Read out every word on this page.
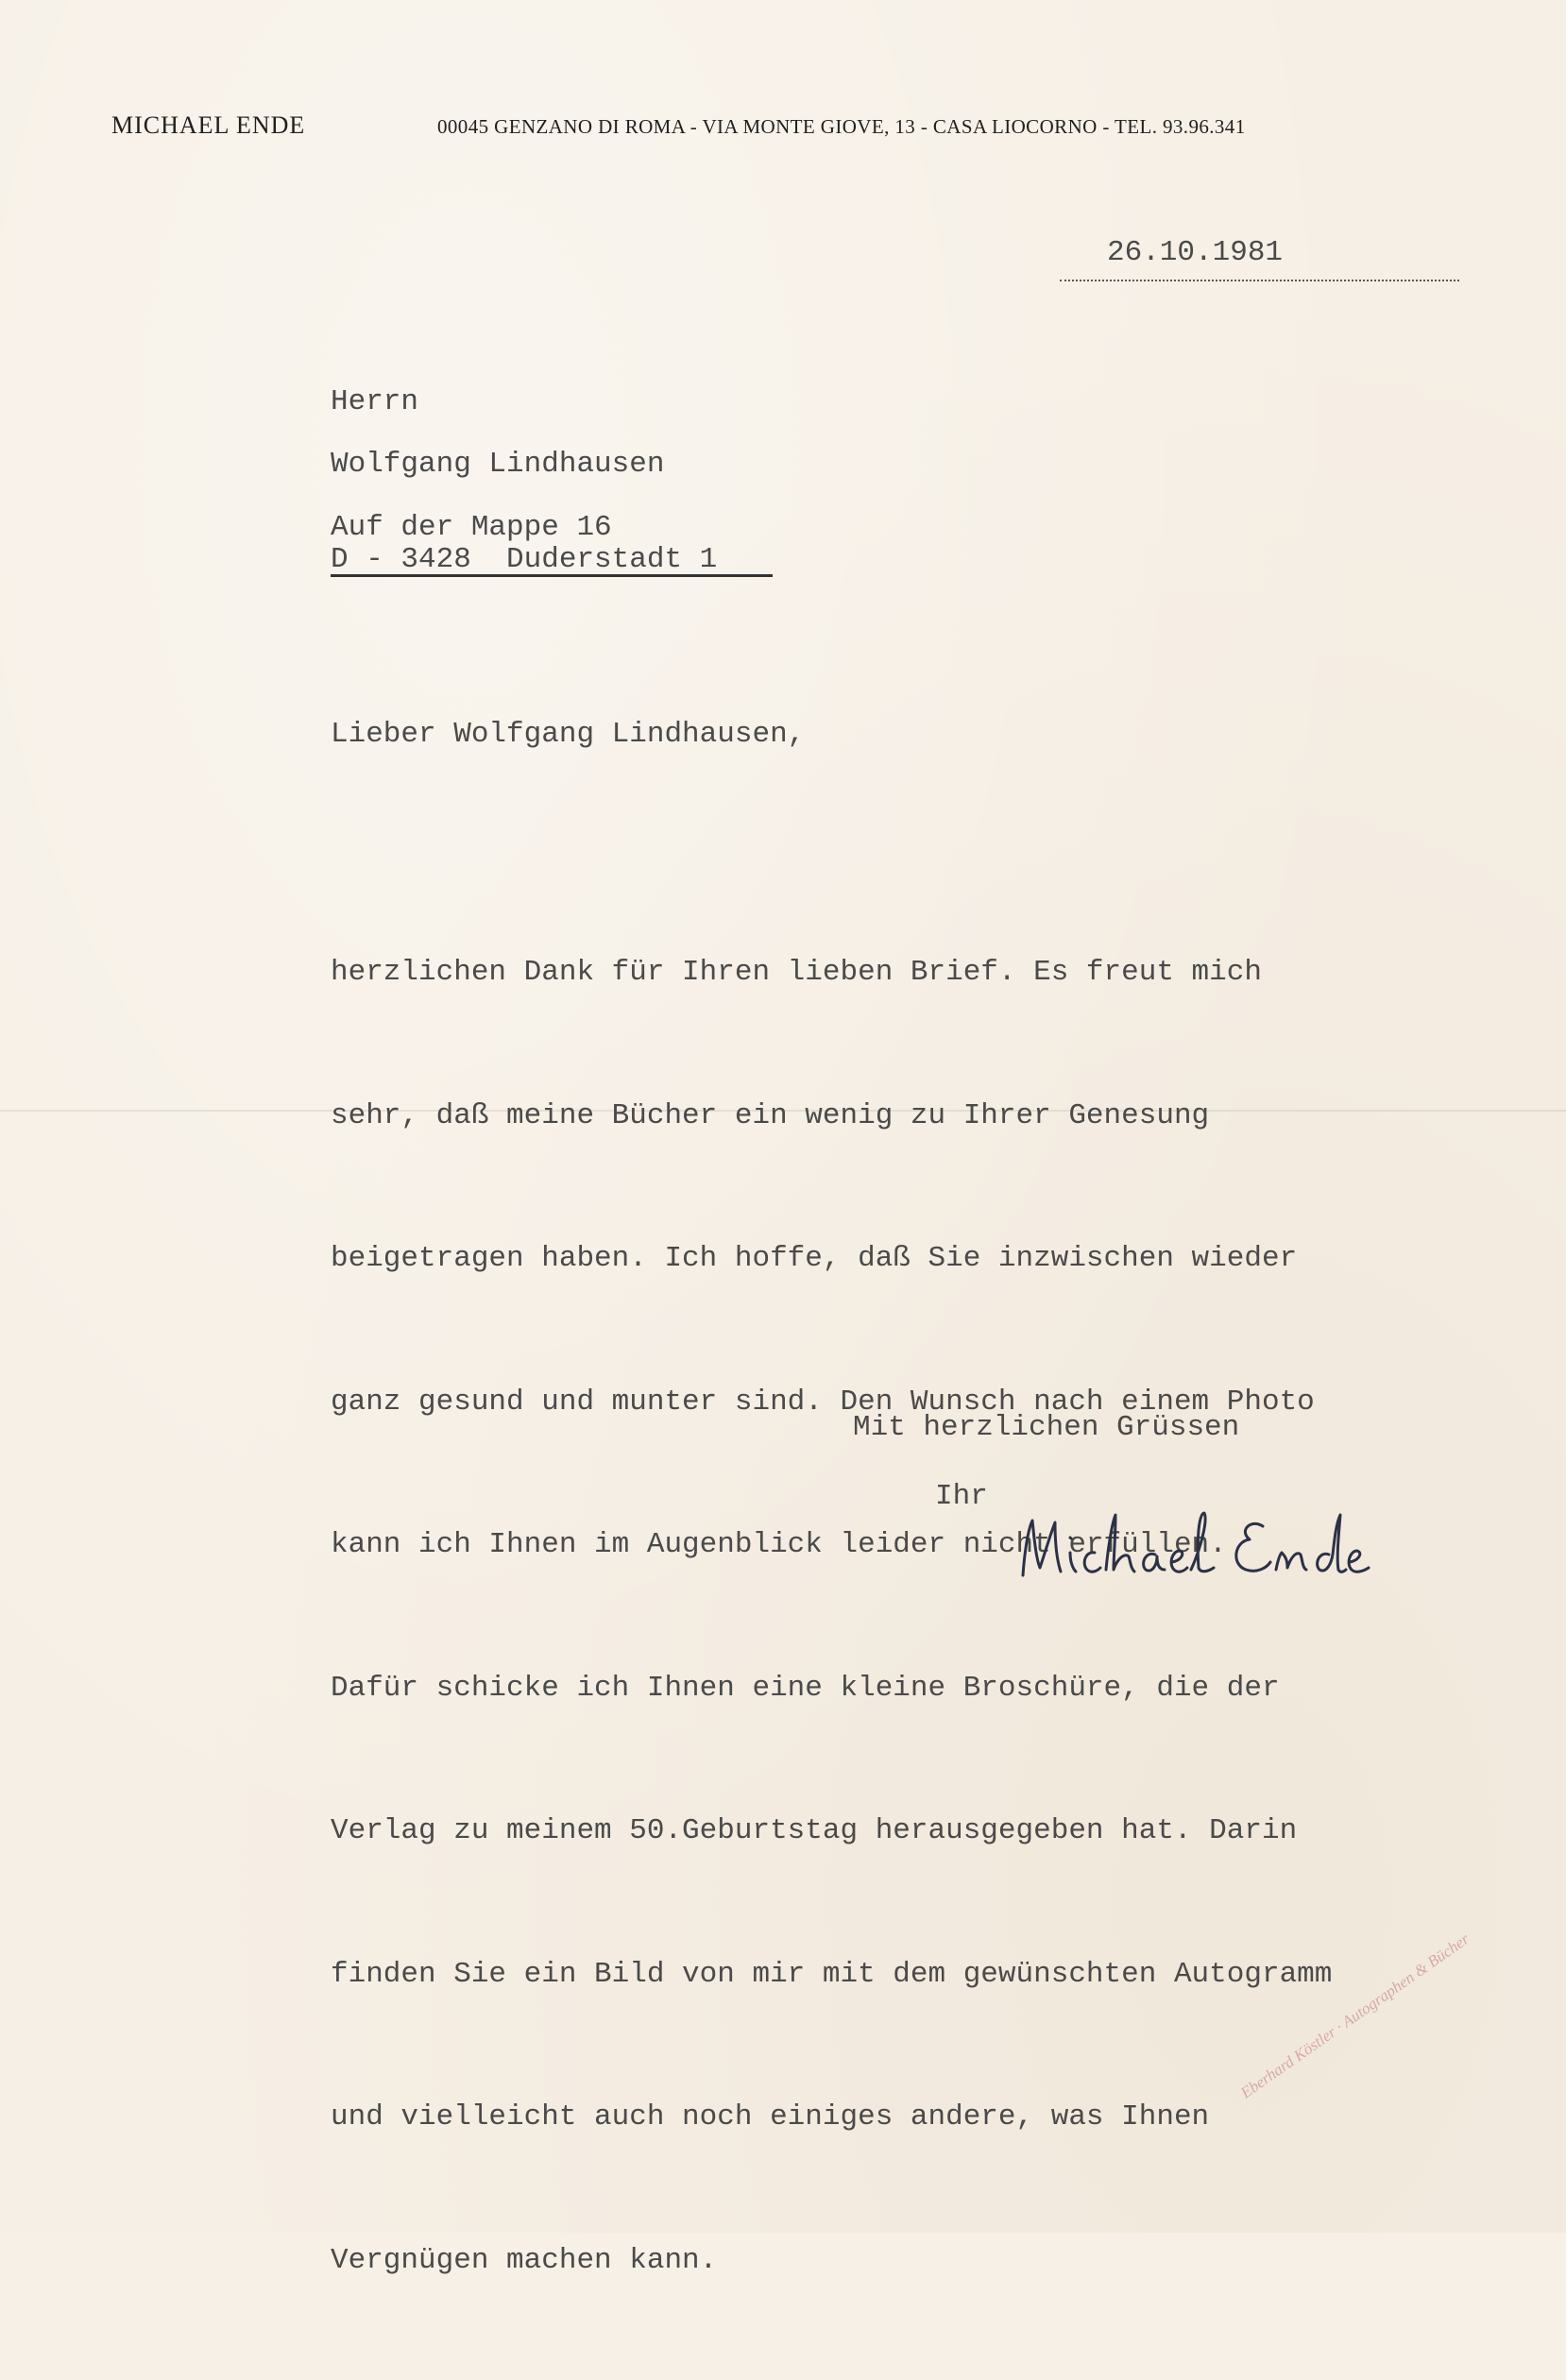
MICHAEL ENDE	00045 GENZANO DI ROMA - VIA MONTE GIOVE, 13 - CASA LIOCORNO - TEL. 93.96.341
26.10.1981

Herrn

Wolfgang Lindhausen

Auf der Mappe 16

D - 3428  Duderstadt 1

Lieber Wolfgang Lindhausen,

herzlichen Dank für Ihren lieben Brief. Es freut mich

sehr, daß meine Bücher ein wenig zu Ihrer Genesung

beigetragen haben. Ich hoffe, daß Sie inzwischen wieder

ganz gesund und munter sind. Den Wunsch nach einem Photo

kann ich Ihnen im Augenblick leider nicht erfüllen.

Dafür schicke ich Ihnen eine kleine Broschüre, die der

Verlag zu meinem 50.Geburtstag herausgegeben hat. Darin

finden Sie ein Bild von mir mit dem gewünschten Autogramm

und vielleicht auch noch einiges andere, was Ihnen

Vergnügen machen kann.

Mit herzlichen Grüssen
Ihr
Eberhard Köstler · Autographen & Bücher
